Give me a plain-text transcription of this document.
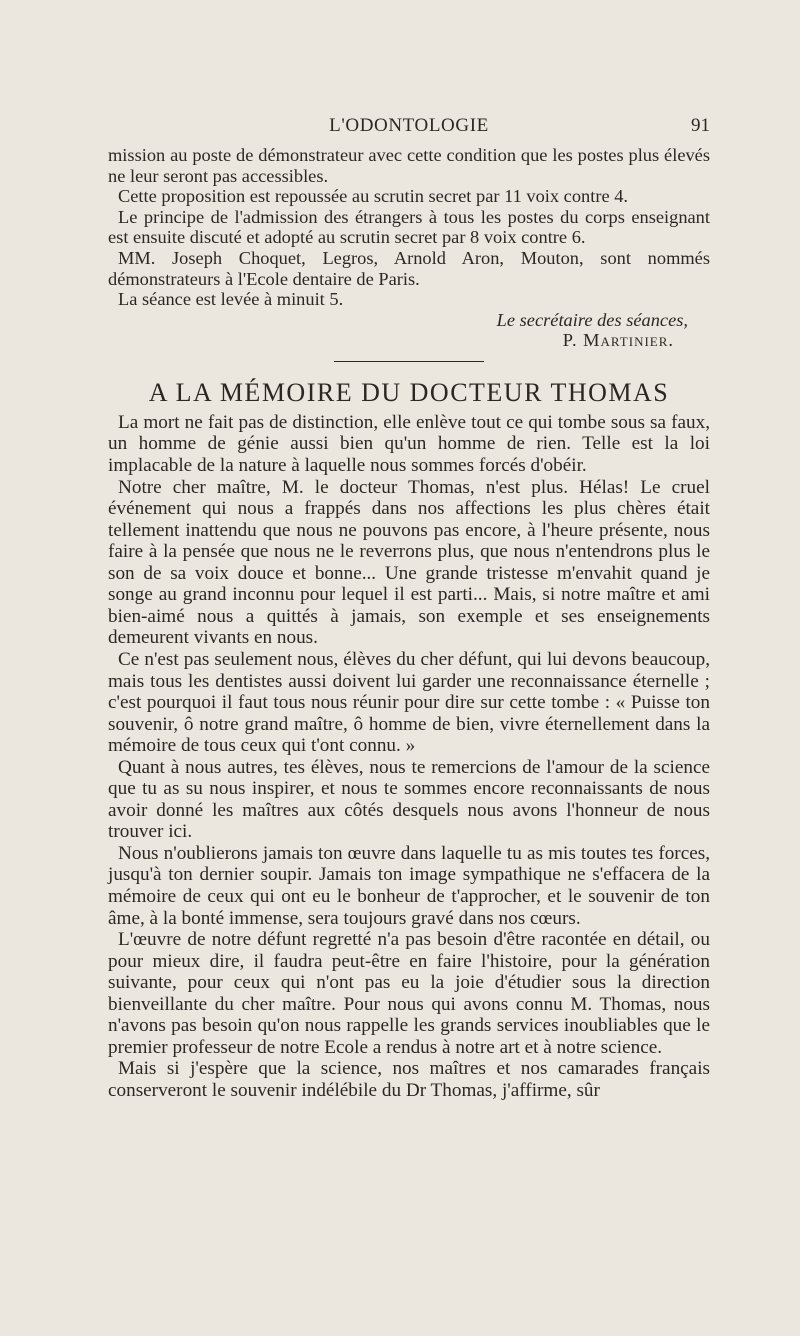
L'ODONTOLOGIE	91

mission au poste de démonstrateur avec cette condition que les postes plus élevés ne leur seront pas accessibles.

Cette proposition est repoussée au scrutin secret par 11 voix contre 4.

Le principe de l'admission des étrangers à tous les postes du corps enseignant est ensuite discuté et adopté au scrutin secret par 8 voix contre 6.

MM. Joseph Choquet, Legros, Arnold Aron, Mouton, sont nommés démonstrateurs à l'Ecole dentaire de Paris.

La séance est levée à minuit 5.

Le secrétaire des séances,
P. Martinier.
A LA MÉMOIRE DU DOCTEUR THOMAS

La mort ne fait pas de distinction, elle enlève tout ce qui tombe sous sa faux, un homme de génie aussi bien qu'un homme de rien. Telle est la loi implacable de la nature à laquelle nous sommes forcés d'obéir.

Notre cher maître, M. le docteur Thomas, n'est plus. Hélas! Le cruel événement qui nous a frappés dans nos affections les plus chères était tellement inattendu que nous ne pouvons pas encore, à l'heure présente, nous faire à la pensée que nous ne le reverrons plus, que nous n'entendrons plus le son de sa voix douce et bonne... Une grande tristesse m'envahit quand je songe au grand inconnu pour lequel il est parti... Mais, si notre maître et ami bien-aimé nous a quittés à jamais, son exemple et ses enseignements demeurent vivants en nous.

Ce n'est pas seulement nous, élèves du cher défunt, qui lui devons beaucoup, mais tous les dentistes aussi doivent lui garder une reconnaissance éternelle ; c'est pourquoi il faut tous nous réunir pour dire sur cette tombe : « Puisse ton souvenir, ô notre grand maître, ô homme de bien, vivre éternellement dans la mémoire de tous ceux qui t'ont connu. »

Quant à nous autres, tes élèves, nous te remercions de l'amour de la science que tu as su nous inspirer, et nous te sommes encore reconnaissants de nous avoir donné les maîtres aux côtés desquels nous avons l'honneur de nous trouver ici.

Nous n'oublierons jamais ton œuvre dans laquelle tu as mis toutes tes forces, jusqu'à ton dernier soupir. Jamais ton image sympathique ne s'effacera de la mémoire de ceux qui ont eu le bonheur de t'approcher, et le souvenir de ton âme, à la bonté immense, sera toujours gravé dans nos cœurs.

L'œuvre de notre défunt regretté n'a pas besoin d'être racontée en détail, ou pour mieux dire, il faudra peut-être en faire l'histoire, pour la génération suivante, pour ceux qui n'ont pas eu la joie d'étudier sous la direction bienveillante du cher maître. Pour nous qui avons connu M. Thomas, nous n'avons pas besoin qu'on nous rappelle les grands services inoubliables que le premier professeur de notre Ecole a rendus à notre art et à notre science.

Mais si j'espère que la science, nos maîtres et nos camarades français conserveront le souvenir indélébile du Dr Thomas, j'affirme, sûr
